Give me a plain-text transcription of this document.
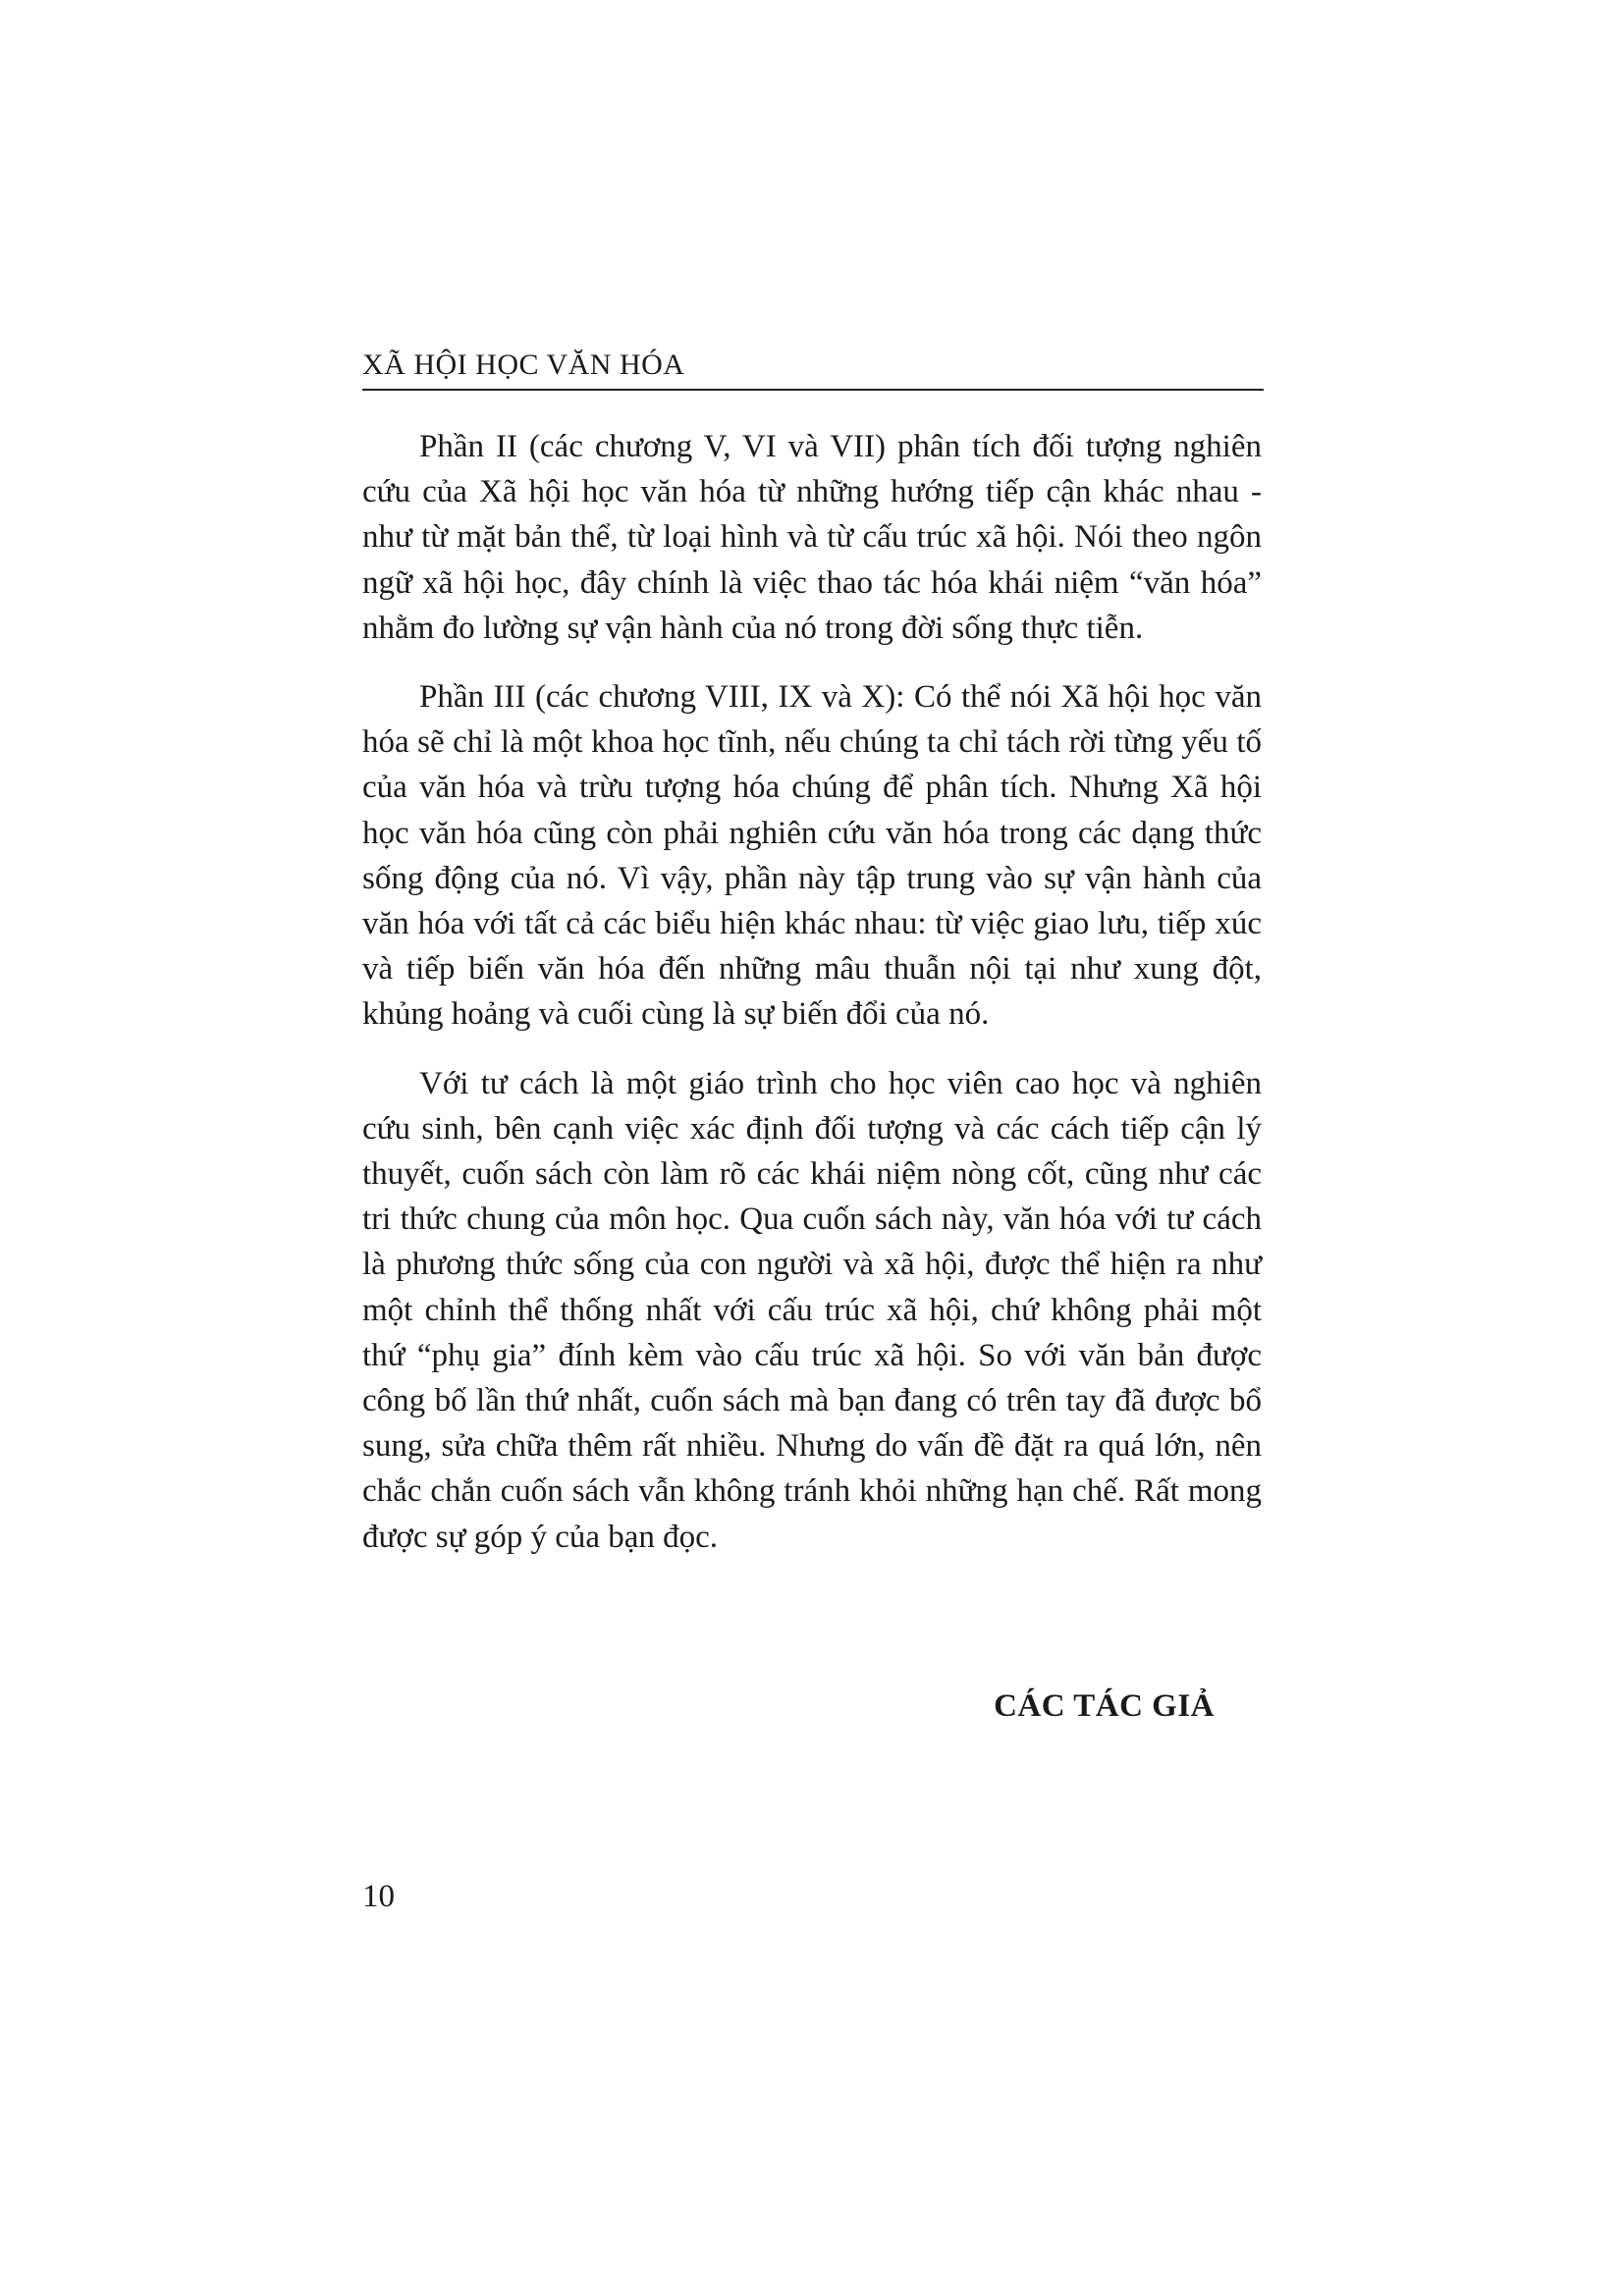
XÃ HỘI HỌC VĂN HÓA

Phần II (các chương V, VI và VII) phân tích đối tượng nghiên cứu của Xã hội học văn hóa từ những hướng tiếp cận khác nhau - như từ mặt bản thể, từ loại hình và từ cấu trúc xã hội. Nói theo ngôn ngữ xã hội học, đây chính là việc thao tác hóa khái niệm “văn hóa” nhằm đo lường sự vận hành của nó trong đời sống thực tiễn.

Phần III (các chương VIII, IX và X): Có thể nói Xã hội học văn hóa sẽ chỉ là một khoa học tĩnh, nếu chúng ta chỉ tách rời từng yếu tố của văn hóa và trừu tượng hóa chúng để phân tích. Nhưng Xã hội học văn hóa cũng còn phải nghiên cứu văn hóa trong các dạng thức sống động của nó. Vì vậy, phần này tập trung vào sự vận hành của văn hóa với tất cả các biểu hiện khác nhau: từ việc giao lưu, tiếp xúc và tiếp biến văn hóa đến những mâu thuẫn nội tại như xung đột, khủng hoảng và cuối cùng là sự biến đổi của nó.

Với tư cách là một giáo trình cho học viên cao học và nghiên cứu sinh, bên cạnh việc xác định đối tượng và các cách tiếp cận lý thuyết, cuốn sách còn làm rõ các khái niệm nòng cốt, cũng như các tri thức chung của môn học. Qua cuốn sách này, văn hóa với tư cách là phương thức sống của con người và xã hội, được thể hiện ra như một chỉnh thể thống nhất với cấu trúc xã hội, chứ không phải một thứ “phụ gia” đính kèm vào cấu trúc xã hội. So với văn bản được công bố lần thứ nhất, cuốn sách mà bạn đang có trên tay đã được bổ sung, sửa chữa thêm rất nhiều. Nhưng do vấn đề đặt ra quá lớn, nên chắc chắn cuốn sách vẫn không tránh khỏi những hạn chế. Rất mong được sự góp ý của bạn đọc.

CÁC TÁC GIẢ
10
